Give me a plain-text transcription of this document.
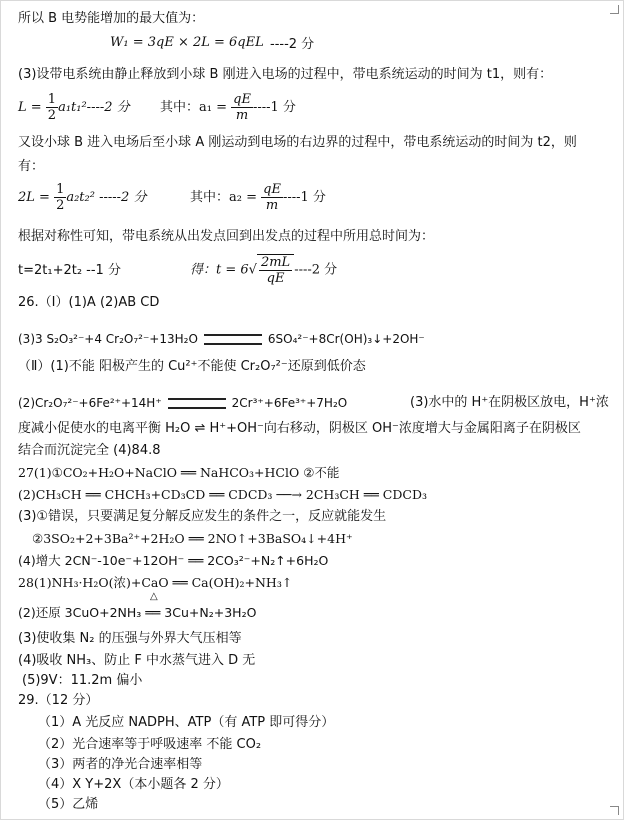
所以 B 电势能增加的最大值为：
W₁ = 3qE × 2L = 6qEL ----2 分
(3)设带电系统由静止释放到小球 B 刚进入电场的过程中，带电系统运动的时间为 t1，则有：
$L = \frac{1}{2} a_1t_1^2----2$ 分 其中：$a_1 = \frac{qE}{m} ----1$ 分
又设小球 B 进入电场后至小球 A 刚运动到电场的右边界的过程中，带电系统运动的时间为 t2，则
有：
$2L = \frac{1}{2} a_2t_2^2$ -----2 分	其中：$a_2 = \frac{qE}{m} ----1$ 分
根据对称性可知，带电系统从出发点回到出发点的过程中所用总时间为：
t=2t₁+2t₂ --1 分	得：$t = 6√ \frac{2mL}{qE} ----2$ 分
26.（Ⅰ）(1)A (2)AB CD
(3)3 S₂O₃²⁻+4 Cr₂O₇²⁻+13H₂O	6SO₄²⁻+8Cr(OH)₃↓+2OH⁻
（Ⅱ）(1)不能 阳极产生的 Cu²⁺不能使 Cr₂O₇²⁻还原到低价态
(2)Cr₂O₇²⁻+6Fe²⁺+14H⁺	2Cr³⁺+6Fe³⁺+7H₂O	(3)水中的 H⁺在阴极区放电，H⁺浓
度减小促使水的电离平衡 H₂O ⇌ H⁺+OH⁻向右移动，阴极区 OH⁻浓度增大与金属阳离子在阴极区
结合而沉淀完全 (4)84.8
27(1)①CO₂+H₂O+NaClO ══ NaHCO₃+HClO ②不能
(2)CH₃CH ══ CHCH₃+CD₃CD ══ CDCD₃ ──→ 2CH₃CH ══ CDCD₃
(3)①错误，只要满足复分解反应发生的条件之一，反应就能发生
②3SO₂+2+3Ba²⁺+2H₂O ══ 2NO↑+3BaSO₄↓+4H⁺
(4)增大 2CN⁻-10e⁻+12OH⁻ ══ 2CO₃²⁻+N₂↑+6H₂O
28(1)NH₃·H₂O(浓)+CaO ══ Ca(OH)₂+NH₃↑
△
(2)还原 3CuO+2NH₃ ══ 3Cu+N₂+3H₂O
(3)使收集 N₂ 的压强与外界大气压相等
(4)吸收 NH₃、防止 F 中水蒸气进入 D 无
(5)9V：11.2m 偏小
29.（12 分）
（1）A 光反应 NADPH、ATP（有 ATP 即可得分）
（2）光合速率等于呼吸速率 不能 CO₂
（3）两者的净光合速率相等
（4）X Y+2X（本小题各 2 分）
（5）乙烯
